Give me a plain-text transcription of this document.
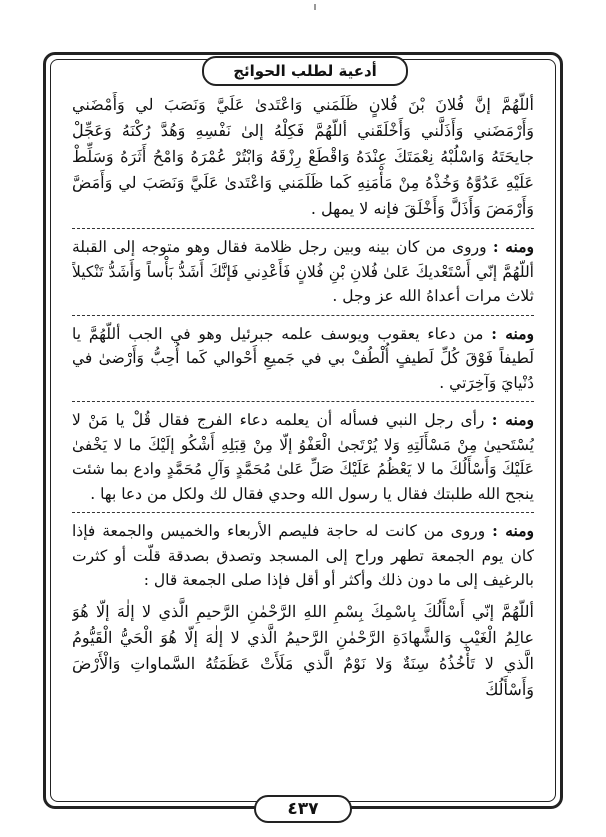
أدعية لطلب الحوائج

أللّهُمَّ إنَّ فُلانَ بْنَ فُلانٍ ظَلَمَني وَاعْتَدىٰ عَلَيَّ وَنَصَبَ لي وَأَمْضَني وَأَرْمَضَني وَأَذَلَّني وَأَخْلَقَني أللّهُمَّ فَكِلْهُ إلىٰ نَفْسِهِ وَهُدَّ رُكْنَهُ وَعَجِّلْ جايحَتَهُ وَاسْلُبْهُ نِعْمَتَكَ عِنْدَهُ وَاقْطَعْ رِزْقَهُ وَابْتُرْ عُمْرَهُ وَامْحُ أَثَرَهُ وَسَلِّطْ عَلَيْهِ عَدُوَّهُ وَخُذْهُ مِنْ مَأْمَنِهِ كَما ظَلَمَني وَاعْتَدىٰ عَلَيَّ وَنَصَبَ لي وَأَمَضَّ وَأَرْمَضَ وَأَذَلَّ وَأَخْلَقَ فإنه لا يمهل .

ومنه : وروى من كان بينه وبين رجل ظلامة فقال وهو متوجه إلى القبلة أللّهُمَّ إنّي أَسْتَعْديكَ عَلىٰ فُلانِ بْنِ فُلانٍ فَأَعْدِني فَإنَّكَ أَشَدُّ بَأْساً وَأَشَدُّ تَنْكيلاً ثلاث مرات أعداهُ الله عز وجل .

ومنه : من دعاء يعقوب ويوسف علمه جبرئيل وهو في الجب أللّهُمَّ يا لَطيفاً فَوْقَ كُلِّ لَطيفٍ أُلْطُفْ بي في جَميعِ أَحْوالي كَما أُحِبُّ وَأَرْضىٰ في دُنْيايَ وَآخِرَتي .

ومنه : رأى رجل النبي فسأله أن يعلمه دعاء الفرج فقال قُلْ يا مَنْ لا يُسْتَحيىٰ مِنْ مَسْأَلَتِهِ وَلا يُرْتَجىٰ الْعَفْوُ إلّا مِنْ قِبَلِهِ أَشْكُو إلَيْكَ ما لا يَخْفىٰ عَلَيْكَ وَأَسْأَلُكَ ما لا يَعْظُمُ عَلَيْكَ صَلِّ عَلىٰ مُحَمَّدٍ وَآلِ مُحَمَّدٍ وادع بما شئت ينجح الله طلبتك فقال يا رسول الله وحدي فقال لك ولكل من دعا بها .

ومنه : وروى من كانت له حاجة فليصم الأربعاء والخميس والجمعة فإذا كان يوم الجمعة تطهر وراح إلى المسجد وتصدق بصدقة قلّت أو كثرت بالرغيف إلى ما دون ذلك وأكثر أو أقل فإذا صلى الجمعة قال :

أللّهُمَّ إنّي أَسْأَلُكَ بِاسْمِكَ بِسْمِ اللهِ الرَّحْمٰنِ الرَّحيمِ الَّذي لا إلٰهَ إلّا هُوَ عالِمُ الْغَيْبِ وَالشَّهادَةِ الرَّحْمٰنِ الرَّحيمُ الَّذي لا إلٰهَ إلّا هُوَ الْحَيُّ الْقَيُّومُ الَّذي لا تَأْخُذُهُ سِنَةٌ وَلا نَوْمٌ الَّذي مَلَأَتْ عَظَمَتُهُ السَّماواتِ وَالْأَرْضَ وَأَسْأَلُكَ

٤٣٧
